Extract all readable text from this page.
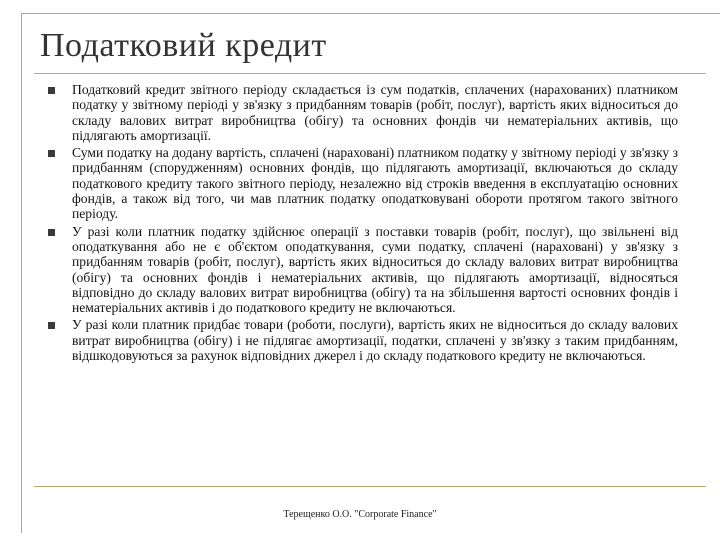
Податковий кредит
Податковий кредит звітного періоду складається із сум податків, сплачених (нарахованих) платником податку у звітному періоді у зв'язку з придбанням товарів (робіт, послуг), вартість яких відноситься до складу валових витрат виробництва (обігу) та основних фондів чи нематеріальних активів, що підлягають амортизації.
Суми податку на додану вартість, сплачені (нараховані) платником податку у звітному періоді у зв'язку з придбанням (спорудженням) основних фондів, що підлягають амортизації, включаються до складу податкового кредиту такого звітного періоду, незалежно від строків введення в експлуатацію основних фондів, а також від того, чи мав платник податку оподатковувані обороти протягом такого звітного періоду.
У разі коли платник податку здійснює операції з поставки товарів (робіт, послуг), що звільнені від оподаткування або не є об'єктом оподаткування, суми податку, сплачені (нараховані) у зв'язку з придбанням товарів (робіт, послуг), вартість яких відноситься до складу валових витрат виробництва (обігу) та основних фондів і нематеріальних активів, що підлягають амортизації, відносяться відповідно до складу валових витрат виробництва (обігу) та на збільшення вартості основних фондів і нематеріальних активів і до податкового кредиту не включаються.
У разі коли платник придбає товари (роботи, послуги), вартість яких не відноситься до складу валових витрат виробництва (обігу) і не підлягає амортизації, податки, сплачені у зв'язку з таким придбанням, відшкодовуються за рахунок відповідних джерел і до складу податкового кредиту не включаються.
Терещенко О.О. "Corporate Finance"
